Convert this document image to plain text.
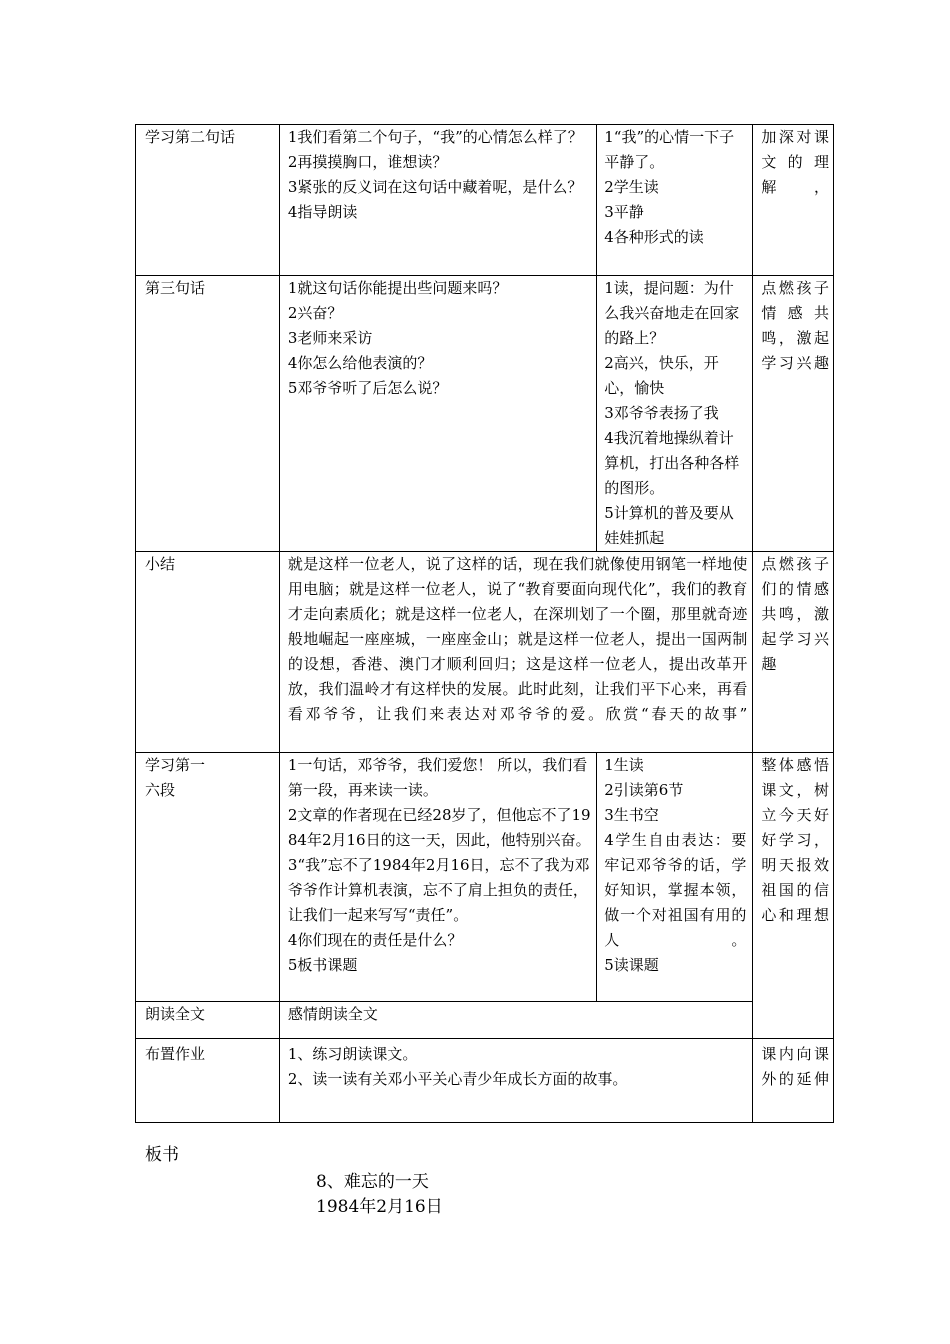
学习第二句话	1我们看第二个句子，“我”的心情怎么样了？
2再摸摸胸口，谁想读？
3紧张的反义词在这句话中藏着呢，是什么？
4指导朗读	1“我”的心情一下子平静了。
2学生读
3平静
4各种形式的读	加深对课文的理解，
第三句话	1就这句话你能提出些问题来吗？
2兴奋？
3老师来采访
4你怎么给他表演的？
5邓爷爷听了后怎么说？	1读，提问题：为什么我兴奋地走在回家的路上？
2高兴，快乐，开心，愉快
3邓爷爷表扬了我
4我沉着地操纵着计算机，打出各种各样的图形。
5计算机的普及要从娃娃抓起	点燃孩子情感共鸣，激起学习兴趣
小结	就是这样一位老人，说了这样的话，现在我们就像使用钢笔一样地使用电脑；就是这样一位老人，说了“教育要面向现代化”，我们的教育才走向素质化；就是这样一位老人，在深圳划了一个圈，那里就奇迹般地崛起一座座城，一座座金山；就是这样一位老人，提出一国两制的设想，香港、澳门才顺利回归；这是这样一位老人，提出改革开放，我们温岭才有这样快的发展。此时此刻，让我们平下心来，再看看邓爷爷，让我们来表达对邓爷爷的爱。欣赏“春天的故事”		点燃孩子们的情感共鸣，激起学习兴趣

学习第一
六段	1一句话，邓爷爷，我们爱您！ 所以，我们看第一段，再来读一读。
2文章的作者现在已经28岁了，但他忘不了1984年2月16日的这一天，因此，他特别兴奋。
3“我”忘不了1984年2月16日，忘不了我为邓爷爷作计算机表演，忘不了肩上担负的责任，让我们一起来写写“责任”。
4你们现在的责任是什么？
5板书课题	1生读
2引读第6节
3生书空
4学生自由表达：要牢记邓爷爷的话，学好知识，掌握本领，做一个对祖国有用的人。
5读课题	整体感悟课文，树立今天好好学习，明天报效祖国的信心和理想
朗读全文	感情朗读全文		
布置作业	1、练习朗读课文。
2、读一读有关邓小平关心青少年成长方面的故事。		课内向课外的延伸
板书
8、难忘的一天
1984年2月16日
